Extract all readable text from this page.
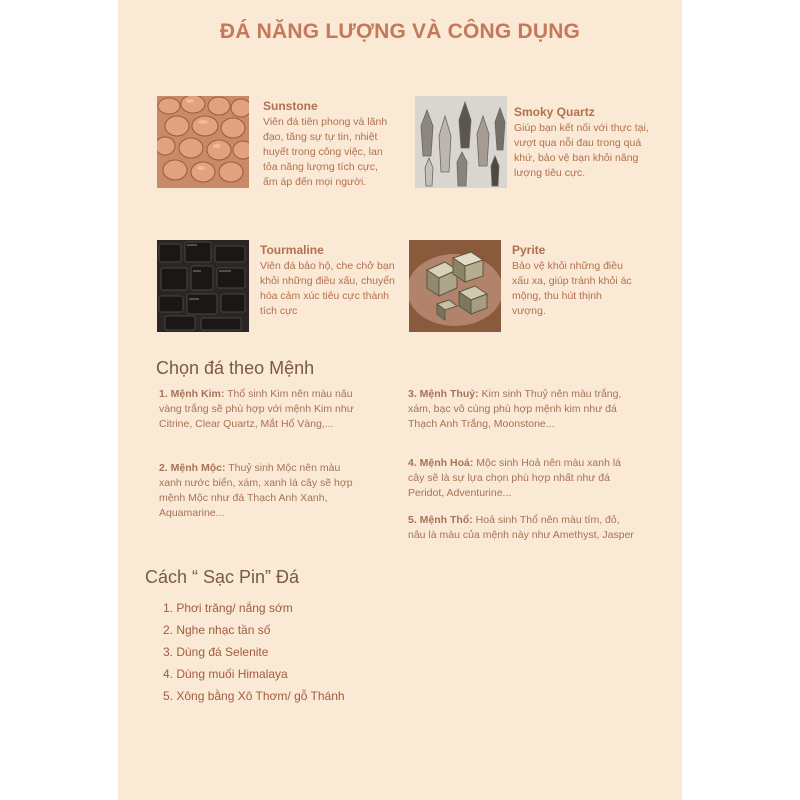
ĐÁ NĂNG LƯỢNG VÀ CÔNG DỤNG
Sunstone
Viên đá tiên phong và lãnh đạo, tăng sự tự tin, nhiệt huyết trong công việc, lan tỏa năng lượng tích cực, ấm áp đến mọi người.
Smoky Quartz
Giúp bạn kết nối với thực tại, vượt qua nỗi đau trong quá khứ, bảo vệ bạn khỏi năng lượng tiêu cực.
Tourmaline
Viên đá bảo hộ, che chở bạn khỏi những điều xấu, chuyển hóa cảm xúc tiêu cực thành tích cực
Pyrite
Bảo vệ khỏi những điều xấu xa, giúp tránh khỏi ác mộng, thu hút thịnh vượng.
Chọn đá theo Mệnh
1. Mệnh Kim: Thổ sinh Kim nên màu nâu vàng trắng sẽ phù hợp với mệnh Kim như Citrine, Clear Quartz, Mắt Hổ Vàng,...
2. Mệnh Mộc: Thuỷ sinh Mộc nên màu xanh nước biển, xám, xanh lá cây sẽ hợp mệnh Mộc như đá Thạch Anh Xanh, Aquamarine...
3. Mệnh Thuỷ: Kim sinh Thuỷ nên màu trắng, xám, bạc vô cùng phù hợp mệnh kim như đá Thạch Anh Trắng, Moonstone...
4. Mệnh Hoả: Mộc sinh Hoả nên màu xanh lá cây sẽ là sự lựa chọn phù hợp nhất như đá Peridot, Adventurine...
5. Mệnh Thổ: Hoả sinh Thổ nên màu tím, đỏ, nâu là màu của mệnh này như Amethyst, Jasper
Cách “ Sạc Pin” Đá
1. Phơi trăng/ nắng sớm
2. Nghe nhạc tần số
3. Dùng đá Selenite
4. Dùng muối Himalaya
5. Xông bằng Xô Thơm/ gỗ Thánh
